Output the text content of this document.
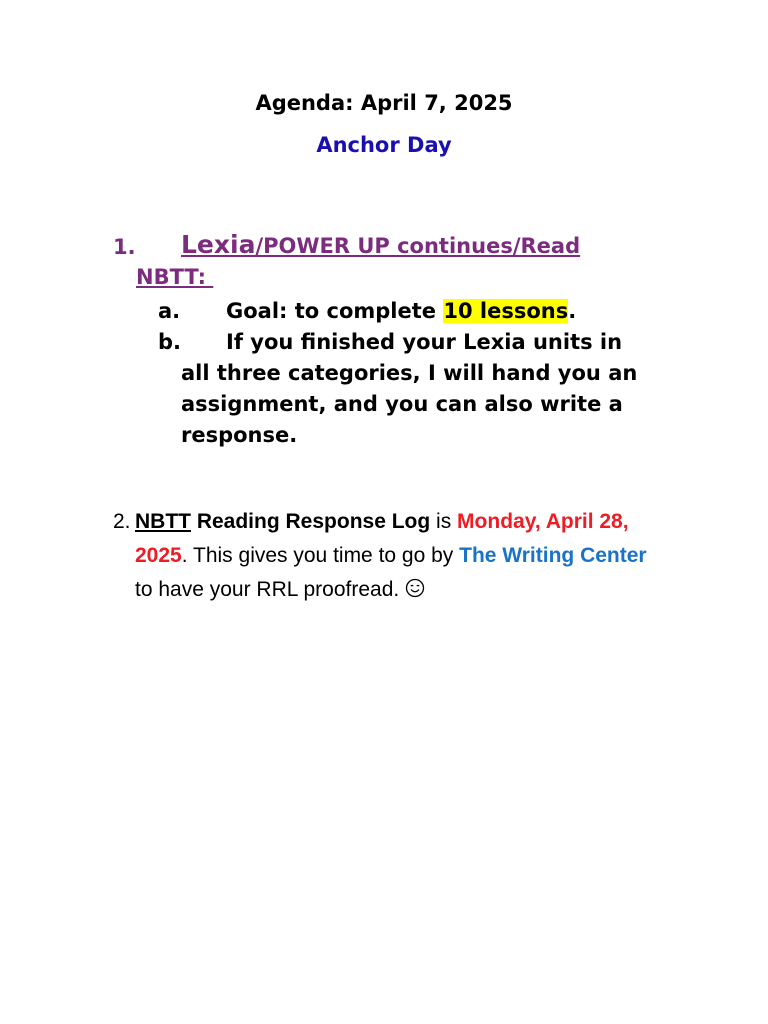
Agenda: April 7, 2025
Anchor Day
1. Lexia/POWER UP continues/Read
NBTT:
a. Goal: to complete 10 lessons.
b. If you finished your Lexia units in
all three categories, I will hand you an assignment, and you can also write a response.
2. NBTT Reading Response Log is Monday, April 28, 2025. This gives you time to go by The Writing Center to have your RRL proofread.
